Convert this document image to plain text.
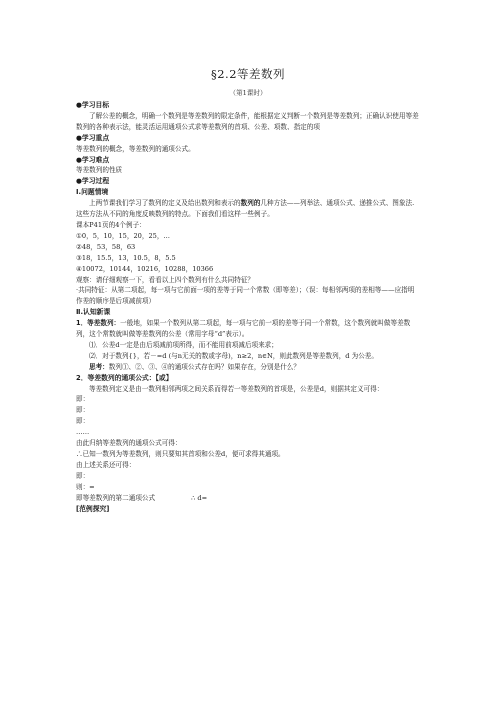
§2.2等差数列
（第1课时）

●学习目标

了解公差的概念，明确一个数列是等差数列的限定条件，能根据定义判断一个数列是等差数列；正确认识使用等差数列的各种表示法，能灵活运用通项公式求等差数列的首项、公差、项数、指定的项

●学习重点

等差数列的概念，等差数列的通项公式。

●学习难点

等差数列的性质

●学习过程

Ⅰ.问题情境

上两节课我们学习了数列的定义及给出数列和表示的数列的几种方法——列举法、通项公式、递推公式、图象法.这些方法从不同的角度反映数列的特点。下面我们看这样一些例子。

课本P41页的4个例子：

①0，5，10，15，20，25，…

②48，53，58，63

③18，15.5，13，10.5，8，5.5

④10072，10144，10216，10288，10366

观察：请仔细观察一下，看看以上四个数列有什么共同特征？

·共同特征：从第二项起，每一项与它前面一项的差等于同一个常数（即等差）；（误：每相邻两项的差相等——应指明作差的顺序是后项减前项）

Ⅱ.认知新课

1．等差数列：一般地，如果一个数列从第二项起，每一项与它前一项的差等于同一个常数，这个数列就叫做等差数列，这个常数就叫做等差数列的公差（常用字母“d”表示）。

⑴．公差d一定是由后项减前项所得，而不能用前项减后项来求；

⑵．对于数列{}，若－=d (与n无关的数或字母)，n≥2，n∈N，则此数列是等差数列，d 为公差。

思考：数列①、②、③、④的通项公式存在吗？如果存在，分别是什么？

2．等差数列的通项公式：【或】

等差数列定义是由一数列相邻两项之间关系而得若一等差数列的首项是，公差是d，则据其定义可得：

即：

即：

即：

……

由此归纳等差数列的通项公式可得：

∴已知一数列为等差数列，则只要知其首项和公差d，便可求得其通项。

由上述关系还可得：

即：

则：=

即等差数列的第二通项公式	∴ d=

[范例探究]
